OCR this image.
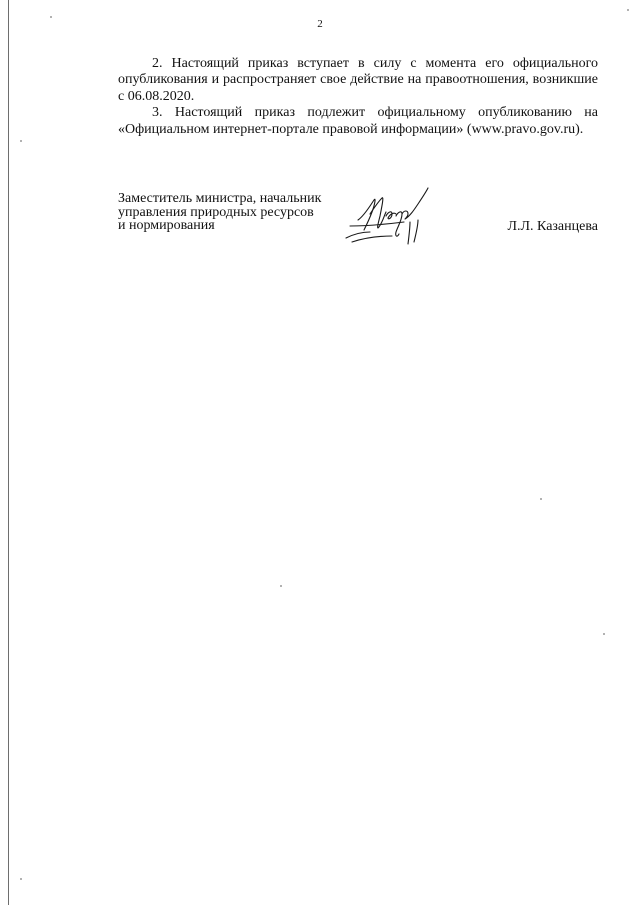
2

2. Настоящий приказ вступает в силу с момента его официального опубликования и распространяет свое действие на правоотношения, возникшие с 06.08.2020.

3. Настоящий приказ подлежит официальному опубликованию на «Официальном интернет-портале правовой информации» (www.pravo.gov.ru).

Заместитель министра, начальник
управления природных ресурсов
и нормирования	Л.Л. Казанцева
